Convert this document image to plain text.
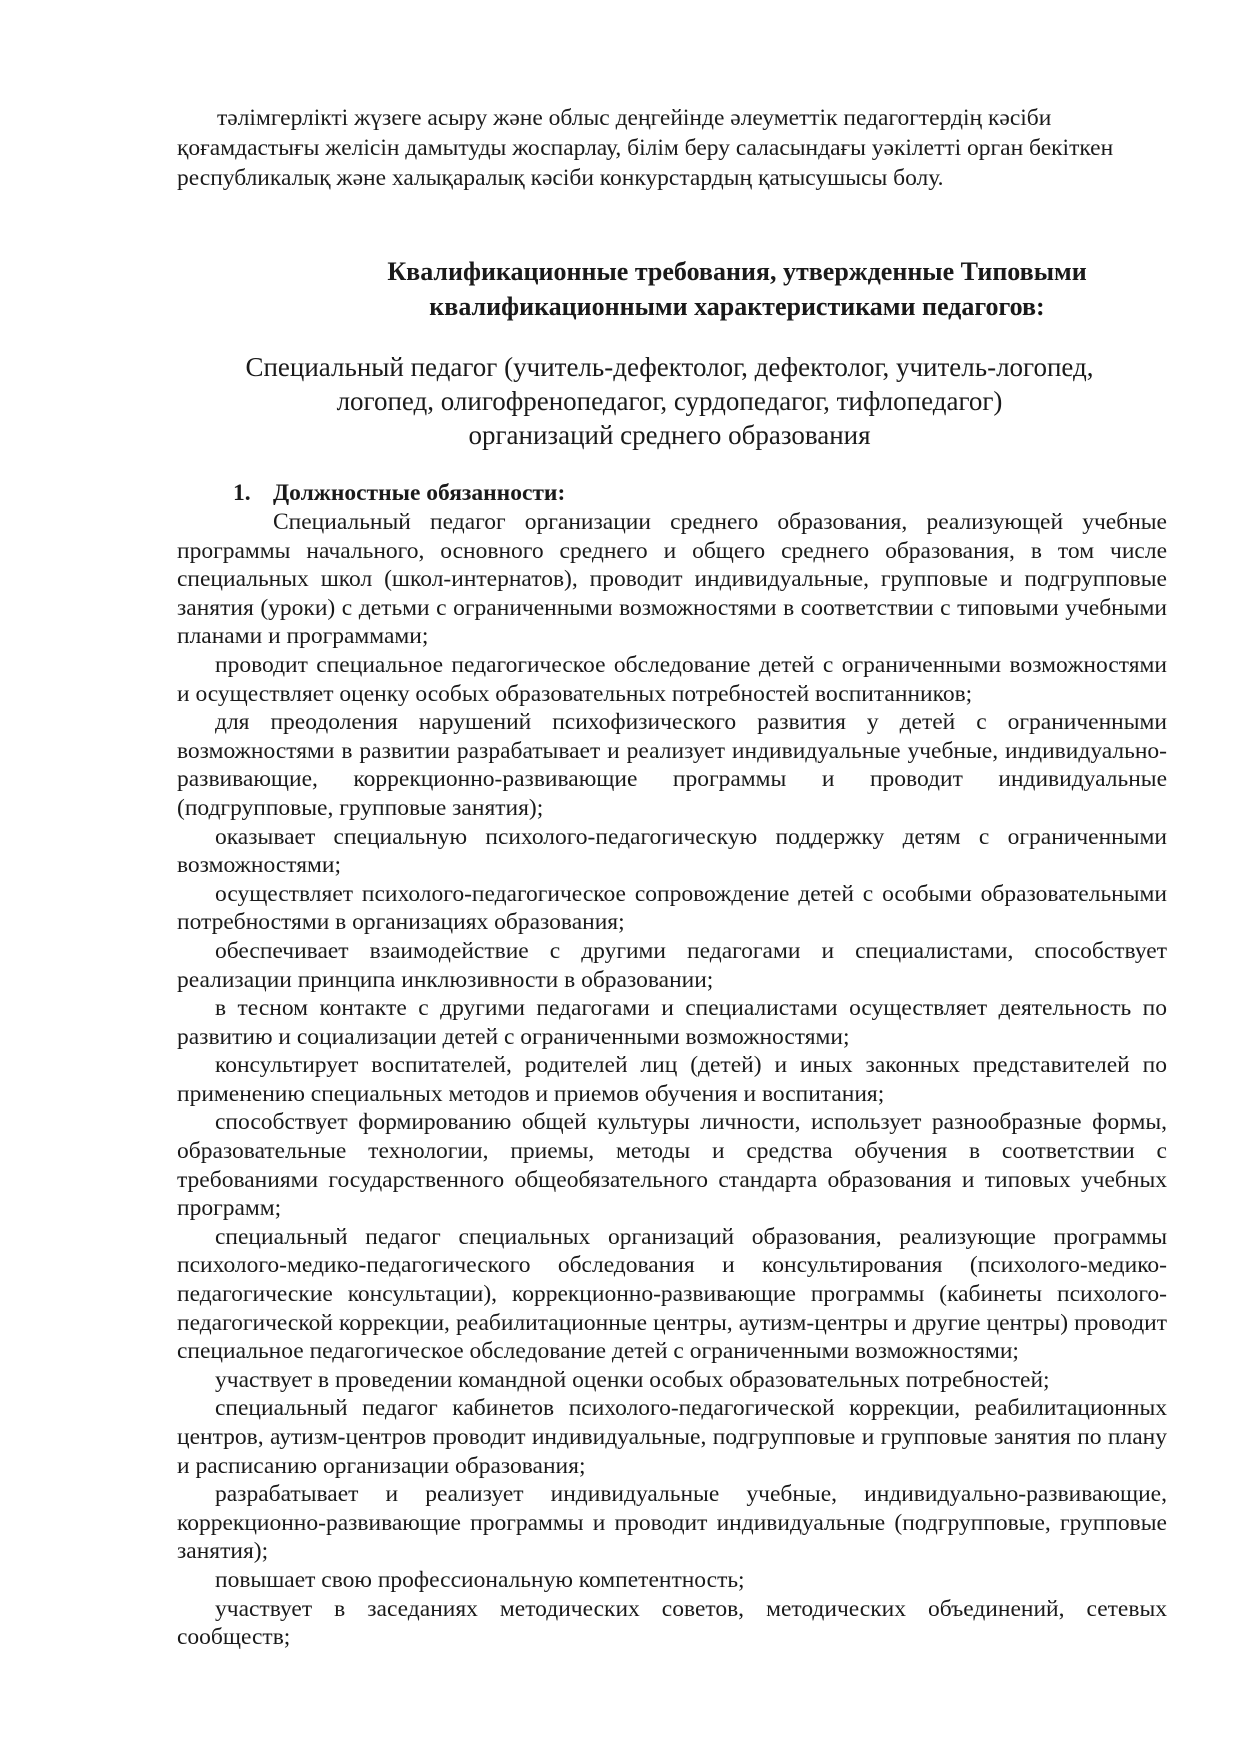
тәлімгерлікті жүзеге асыру және облыс деңгейінде әлеуметтік педагогтердің кәсіби қоғамдастығы желісін дамытуды жоспарлау, білім беру саласындағы уәкілетті орган бекіткен республикалық және халықаралық кәсіби конкурстардың қатысушысы болу.

Квалификационные требования, утвержденные Типовыми
квалификационными характеристиками педагогов:
Специальный педагог (учитель-дефектолог, дефектолог, учитель-логопед,
логопед, олигофренопедагог, сурдопедагог, тифлопедагог)
организаций среднего образования
1. Должностные обязанности:

Специальный педагог организации среднего образования, реализующей учебные программы начального, основного среднего и общего среднего образования, в том числе специальных школ (школ-интернатов), проводит индивидуальные, групповые и подгрупповые занятия (уроки) с детьми с ограниченными возможностями в соответствии с типовыми учебными планами и программами;

проводит специальное педагогическое обследование детей с ограниченными возможностями и осуществляет оценку особых образовательных потребностей воспитанников;

для преодоления нарушений психофизического развития у детей с ограниченными возможностями в развитии разрабатывает и реализует индивидуальные учебные, индивидуально-развивающие, коррекционно-развивающие программы и проводит индивидуальные (подгрупповые, групповые занятия);

оказывает специальную психолого-педагогическую поддержку детям с ограниченными возможностями;

осуществляет психолого-педагогическое сопровождение детей с особыми образовательными потребностями в организациях образования;

обеспечивает взаимодействие с другими педагогами и специалистами, способствует реализации принципа инклюзивности в образовании;

в тесном контакте с другими педагогами и специалистами осуществляет деятельность по развитию и социализации детей с ограниченными возможностями;

консультирует воспитателей, родителей лиц (детей) и иных законных представителей по применению специальных методов и приемов обучения и воспитания;

способствует формированию общей культуры личности, использует разнообразные формы, образовательные технологии, приемы, методы и средства обучения в соответствии с требованиями государственного общеобязательного стандарта образования и типовых учебных программ;

специальный педагог специальных организаций образования, реализующие программы психолого-медико-педагогического обследования и консультирования (психолого-медико-педагогические консультации), коррекционно-развивающие программы (кабинеты психолого-педагогической коррекции, реабилитационные центры, аутизм-центры и другие центры) проводит специальное педагогическое обследование детей с ограниченными возможностями;

участвует в проведении командной оценки особых образовательных потребностей;

специальный педагог кабинетов психолого-педагогической коррекции, реабилитационных центров, аутизм-центров проводит индивидуальные, подгрупповые и групповые занятия по плану и расписанию организации образования;

разрабатывает и реализует индивидуальные учебные, индивидуально-развивающие, коррекционно-развивающие программы и проводит индивидуальные (подгрупповые, групповые занятия);

повышает свою профессиональную компетентность;

участвует в заседаниях методических советов, методических объединений, сетевых сообществ;
